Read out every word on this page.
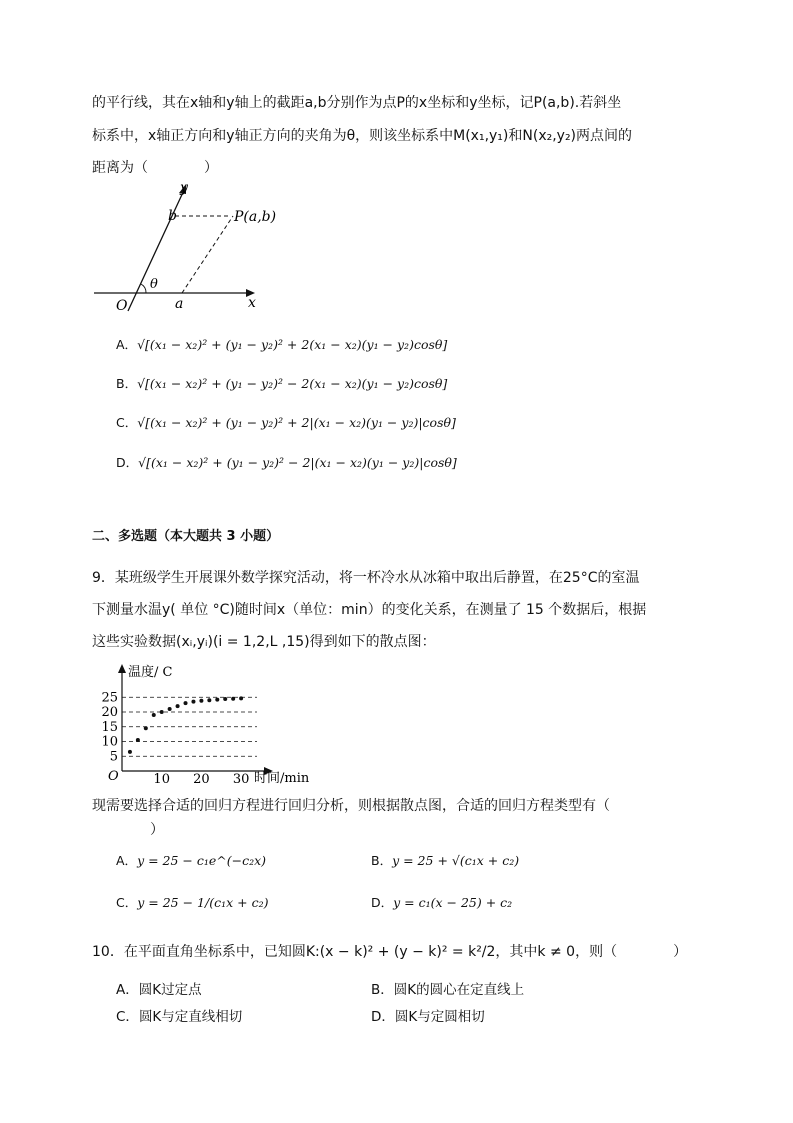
的平行线，其在x轴和y轴上的截距a,b分别作为点P的x坐标和y坐标，记P(a,b).若斜坐
标系中，x轴正方向和y轴正方向的夹角为θ，则该坐标系中M(x₁,y₁)和N(x₂,y₂)两点间的
距离为（　　　　）
y
x
O
b
a
θ
P(a,b)
A．√[(x₁ − x₂)² + (y₁ − y₂)² + 2(x₁ − x₂)(y₁ − y₂)cosθ]
B．√[(x₁ − x₂)² + (y₁ − y₂)² − 2(x₁ − x₂)(y₁ − y₂)cosθ]
C．√[(x₁ − x₂)² + (y₁ − y₂)² + 2|(x₁ − x₂)(y₁ − y₂)|cosθ]
D．√[(x₁ − x₂)² + (y₁ − y₂)² − 2|(x₁ − x₂)(y₁ − y₂)|cosθ]
二、多选题（本大题共 3 小题）
9．某班级学生开展课外数学探究活动，将一杯冷水从冰箱中取出后静置，在25°C的室温
下测量水温y( 单位 °C)随时间x（单位：min）的变化关系，在测量了 15 个数据后，根据
这些实验数据(xᵢ,yᵢ)(i = 1,2,L ,15)得到如下的散点图：
温度/ C
时间/min
O
5
10
15
20
25
10 20 30
现需要选择合适的回归方程进行回归分析，则根据散点图，合适的回归方程类型有（
）
A．y = 25 − c₁e^(−c₂x)	B．y = 25 + √(c₁x + c₂)
C．y = 25 − 1/(c₁x + c₂)	D．y = c₁(x − 25) + c₂
10．在平面直角坐标系中，已知圆K:(x − k)² + (y − k)² = k²/2，其中k ≠ 0，则（　　　　）
A．圆K过定点	B．圆K的圆心在定直线上
C．圆K与定直线相切	D．圆K与定圆相切
